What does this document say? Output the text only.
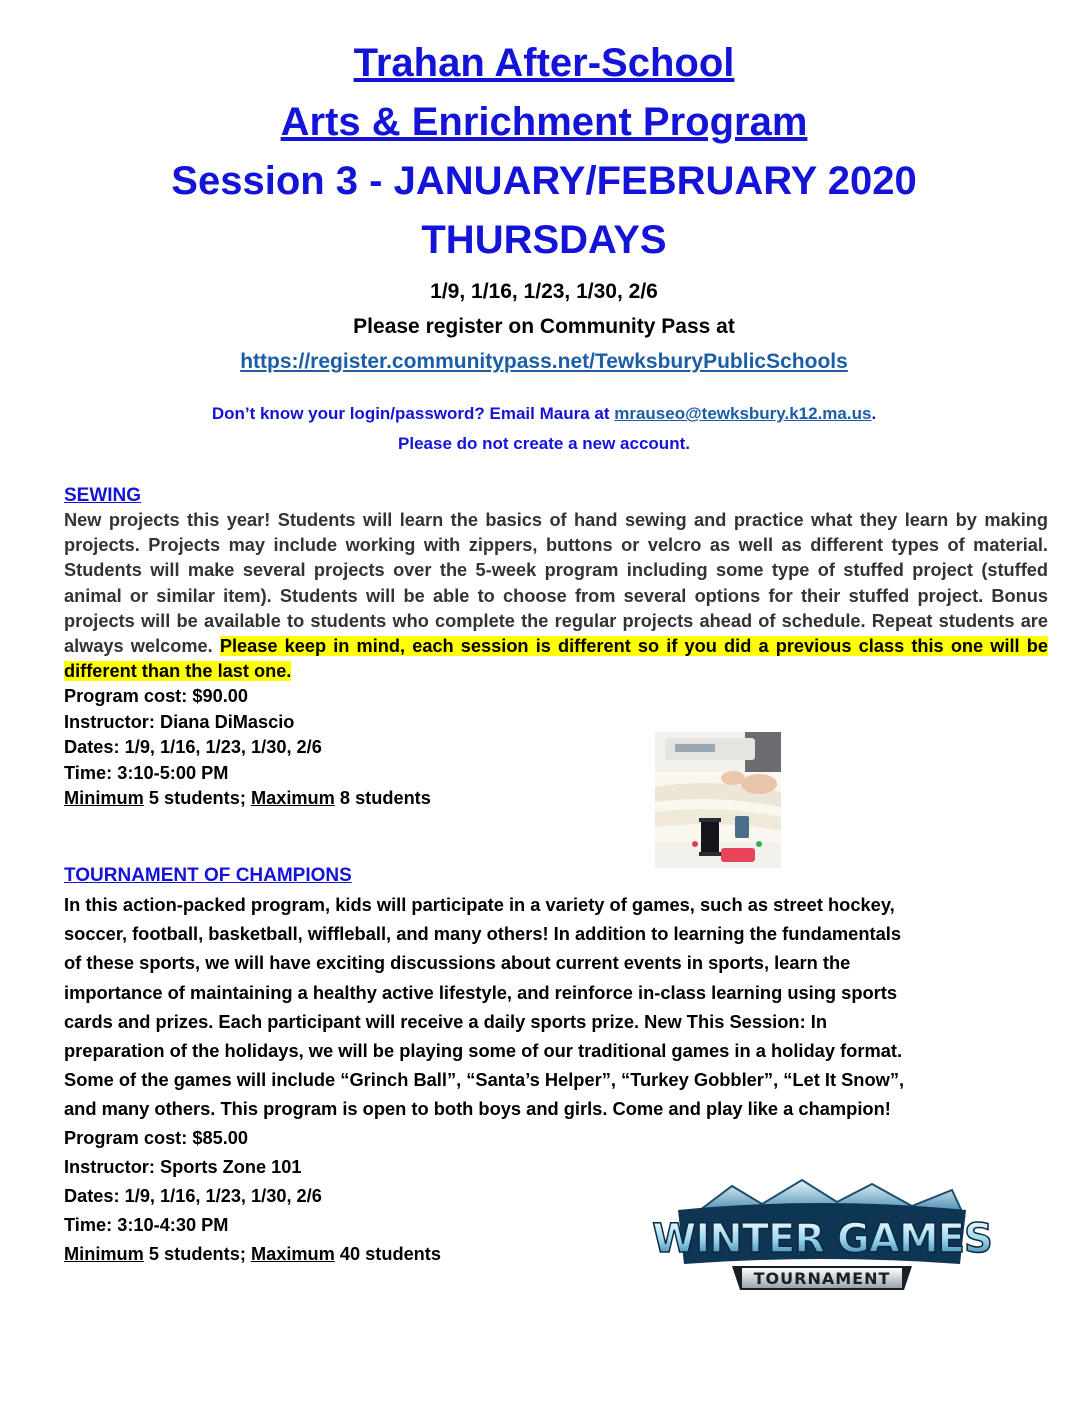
Trahan After-School

Arts & Enrichment Program

Session 3 - JANUARY/FEBRUARY 2020

THURSDAYS

1/9, 1/16, 1/23, 1/30, 2/6

Please register on Community Pass at

https://register.communitypass.net/TewksburyPublicSchools

Don’t know your login/password? Email Maura at mrauseo@tewksbury.k12.ma.us.
Please do not create a new account.
SEWING

New projects this year! Students will learn the basics of hand sewing and practice what they learn by making projects. Projects may include working with zippers, buttons or velcro as well as different types of material. Students will make several projects over the 5-week program including some type of stuffed project (stuffed animal or similar item). Students will be able to choose from several options for their stuffed project. Bonus projects will be available to students who complete the regular projects ahead of schedule. Repeat students are always welcome. Please keep in mind, each session is different so if you did a previous class this one will be different than the last one.

Program cost: $90.00

Instructor: Diana DiMascio

Dates: 1/9, 1/16, 1/23, 1/30, 2/6

Time: 3:10-5:00 PM

Minimum 5 students; Maximum 8 students

TOURNAMENT OF CHAMPIONS

In this action-packed program, kids will participate in a variety of games, such as street hockey,

soccer, football, basketball, wiffleball, and many others! In addition to learning the fundamentals

of these sports, we will have exciting discussions about current events in sports, learn the

importance of maintaining a healthy active lifestyle, and reinforce in-class learning using sports

cards and prizes. Each participant will receive a daily sports prize. New This Session: In

preparation of the holidays, we will be playing some of our traditional games in a holiday format.

Some of the games will include “Grinch Ball”, “Santa’s Helper”, “Turkey Gobbler”, “Let It Snow”,

and many others. This program is open to both boys and girls. Come and play like a champion!

Program cost: $85.00

Instructor: Sports Zone 101

Dates: 1/9, 1/16, 1/23, 1/30, 2/6

Time: 3:10-4:30 PM

Minimum 5 students; Maximum 40 students	WINTER GAMES
TOURNAMENT
